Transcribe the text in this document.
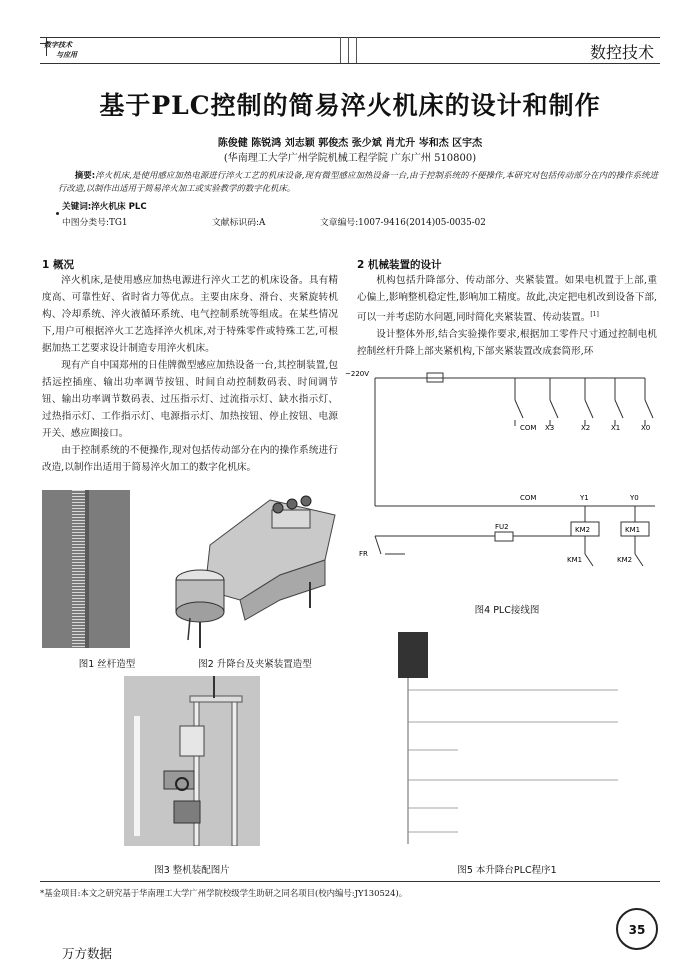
数字技术
与应用	数控技术
基于PLC控制的简易淬火机床的设计和制作
陈俊健 陈锐鸿 刘志颖 郭俊杰 张少斌 肖尤升 岑和杰 区宇杰
(华南理工大学广州学院机械工程学院 广东广州 510800)
摘要:淬火机床,是使用感应加热电源进行淬火工艺的机床设备,现有微型感应加热设备一台,由于控制系统的不便操作,本研究对包括传动部分在内的操作系统进行改造,以制作出适用于简易淬火加工或实验教学的数字化机床。
关键词:淬火机床 PLC
中图分类号:TG1	文献标识码:A	文章编号:1007-9416(2014)05-0035-02
1 概况

淬火机床,是使用感应加热电源进行淬火工艺的机床设备。具有精度高、可靠性好、省时省力等优点。主要由床身、滑台、夹紧旋转机构、冷却系统、淬火液循环系统、电气控制系统等组成。在某些情况下,用户可根据淬火工艺选择淬火机床,对于特殊零件或特殊工艺,可根据加热工艺要求设计制造专用淬火机床。

现有产自中国郑州的日佳牌微型感应加热设备一台,其控制装置,包括远控插座、输出功率调节按钮、时间自动控制数码表、时间调节钮、输出功率调节数码表、过压指示灯、过流指示灯、缺水指示灯、过热指示灯、工作指示灯、电源指示灯、加热按钮、停止按钮、电源开关、感应圈接口。

由于控制系统的不便操作,现对包括传动部分在内的操作系统进行改造,以制作出适用于简易淬火加工的数字化机床。

2 机械装置的设计

机构包括升降部分、传动部分、夹紧装置。如果电机置于上部,重心偏上,影响整机稳定性,影响加工精度。故此,决定把电机改到设备下部,可以一并考虑防水问题,同时简化夹紧装置、传动装置。[1]

设计整体外形,结合实验操作要求,根据加工零件尺寸通过控制电机控制丝杆升降上部夹紧机构,下部夹紧装置改成套筒形,环

图1 丝杆造型	图2 升降台及夹紧装置造型
图3 整机装配图片
~220V
COM X3	X2	X1	X0
COM	Y1	Y0
KM2	KM1
FU2
FR
KM1	KM2
图4 PLC接线图
图5 本升降台PLC程序1
*基金项目:本文之研究基于华南理工大学广州学院校级学生助研之同名项目(校内编号:JY130524)。
35
万方数据
